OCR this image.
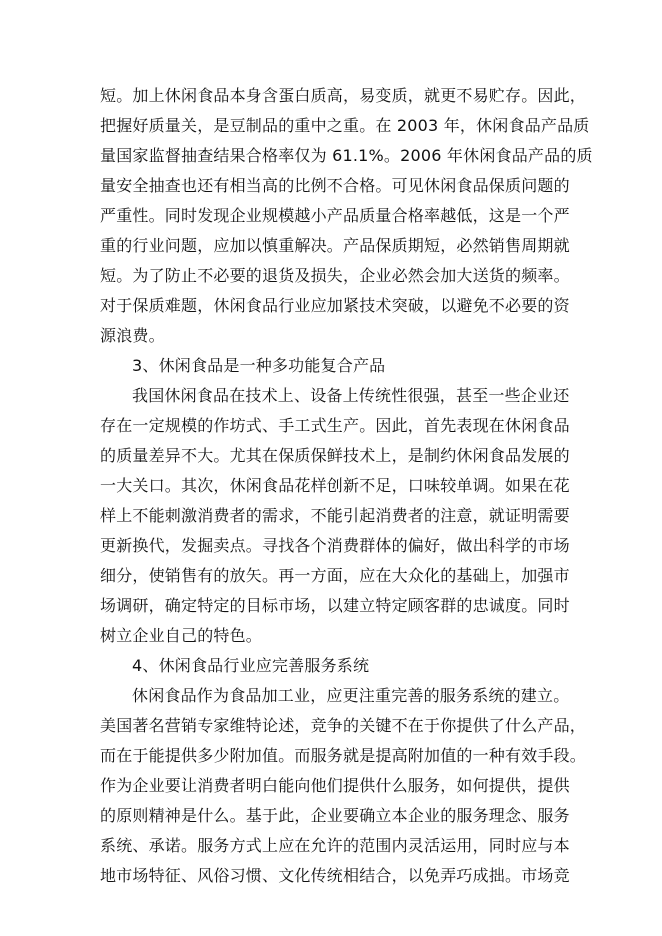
短。加上休闲食品本身含蛋白质高，易变质，就更不易贮存。因此，

把握好质量关，是豆制品的重中之重。在 2003 年，休闲食品产品质

量国家监督抽查结果合格率仅为 61.1%。2006 年休闲食品产品的质

量安全抽查也还有相当高的比例不合格。可见休闲食品保质问题的

严重性。同时发现企业规模越小产品质量合格率越低，这是一个严

重的行业问题，应加以慎重解决。产品保质期短，必然销售周期就

短。为了防止不必要的退货及损失，企业必然会加大送货的频率。

对于保质难题，休闲食品行业应加紧技术突破，以避免不必要的资

源浪费。

3、休闲食品是一种多功能复合产品

我国休闲食品在技术上、设备上传统性很强，甚至一些企业还

存在一定规模的作坊式、手工式生产。因此，首先表现在休闲食品

的质量差异不大。尤其在保质保鲜技术上，是制约休闲食品发展的

一大关口。其次，休闲食品花样创新不足，口味较单调。如果在花

样上不能刺激消费者的需求，不能引起消费者的注意，就证明需要

更新换代，发掘卖点。寻找各个消费群体的偏好，做出科学的市场

细分，使销售有的放矢。再一方面，应在大众化的基础上，加强市

场调研，确定特定的目标市场，以建立特定顾客群的忠诚度。同时

树立企业自己的特色。

4、休闲食品行业应完善服务系统

休闲食品作为食品加工业，应更注重完善的服务系统的建立。

美国著名营销专家维特论述，竞争的关键不在于你提供了什么产品，

而在于能提供多少附加值。而服务就是提高附加值的一种有效手段。

作为企业要让消费者明白能向他们提供什么服务，如何提供，提供

的原则精神是什么。基于此，企业要确立本企业的服务理念、服务

系统、承诺。服务方式上应在允许的范围内灵活运用，同时应与本

地市场特征、风俗习惯、文化传统相结合，以免弄巧成拙。市场竞
